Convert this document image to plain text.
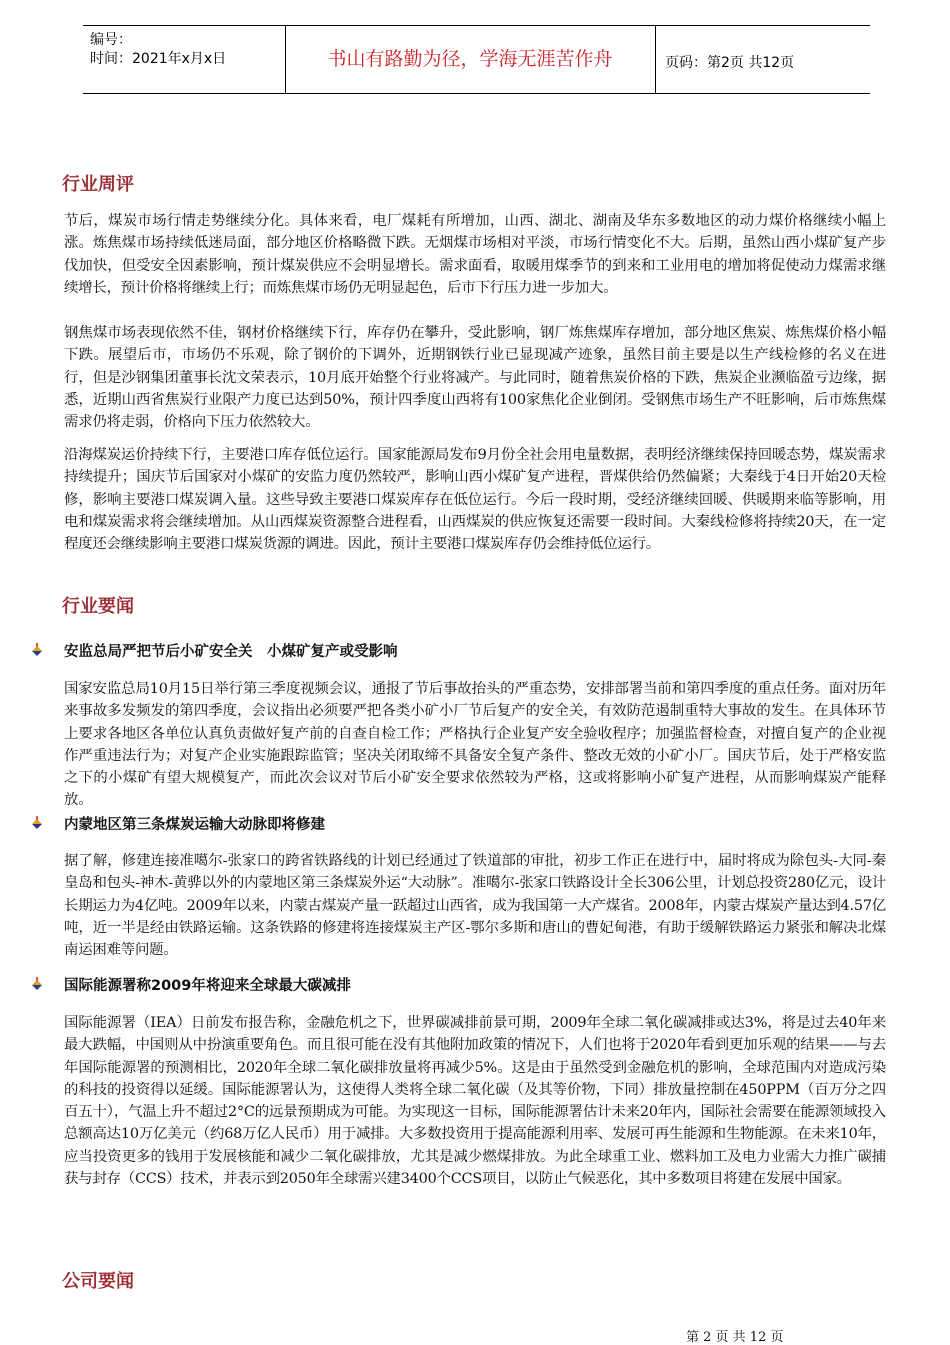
编号：
时间：2021年x月x日	书山有路勤为径，学海无涯苦作舟	页码：第2页 共12页
行业周评

节后，煤炭市场行情走势继续分化。具体来看，电厂煤耗有所增加，山西、湖北、湖南及华东多数地区的动力煤价格继续小幅上涨。炼焦煤市场持续低迷局面，部分地区价格略微下跌。无烟煤市场相对平淡，市场行情变化不大。后期，虽然山西小煤矿复产步伐加快，但受安全因素影响，预计煤炭供应不会明显增长。需求面看，取暖用煤季节的到来和工业用电的增加将促使动力煤需求继续增长，预计价格将继续上行；而炼焦煤市场仍无明显起色，后市下行压力进一步加大。

钢焦煤市场表现依然不佳，钢材价格继续下行，库存仍在攀升，受此影响，钢厂炼焦煤库存增加，部分地区焦炭、炼焦煤价格小幅下跌。展望后市，市场仍不乐观，除了钢价的下调外，近期钢铁行业已显现减产迹象，虽然目前主要是以生产线检修的名义在进行，但是沙钢集团董事长沈文荣表示，10月底开始整个行业将减产。与此同时，随着焦炭价格的下跌，焦炭企业濒临盈亏边缘，据悉，近期山西省焦炭行业限产力度已达到50%，预计四季度山西将有100家焦化企业倒闭。受钢焦市场生产不旺影响，后市炼焦煤需求仍将走弱，价格向下压力依然较大。

沿海煤炭运价持续下行，主要港口库存低位运行。国家能源局发布9月份全社会用电量数据，表明经济继续保持回暖态势，煤炭需求持续提升；国庆节后国家对小煤矿的安监力度仍然较严，影响山西小煤矿复产进程，晋煤供给仍然偏紧；大秦线于4日开始20天检修，影响主要港口煤炭调入量。这些导致主要港口煤炭库存在低位运行。今后一段时期，受经济继续回暖、供暖期来临等影响，用电和煤炭需求将会继续增加。从山西煤炭资源整合进程看，山西煤炭的供应恢复还需要一段时间。大秦线检修将持续20天，在一定程度还会继续影响主要港口煤炭货源的调进。因此，预计主要港口煤炭库存仍会维持低位运行。

行业要闻
安监总局严把节后小矿安全关　小煤矿复产或受影响

国家安监总局10月15日举行第三季度视频会议，通报了节后事故抬头的严重态势，安排部署当前和第四季度的重点任务。面对历年来事故多发频发的第四季度，会议指出必须要严把各类小矿小厂节后复产的安全关，有效防范遏制重特大事故的发生。在具体环节上要求各地区各单位认真负责做好复产前的自查自检工作；严格执行企业复产安全验收程序；加强监督检查，对擅自复产的企业视作严重违法行为；对复产企业实施跟踪监管；坚决关闭取缔不具备安全复产条件、整改无效的小矿小厂。国庆节后，处于严格安监之下的小煤矿有望大规模复产，而此次会议对节后小矿安全要求依然较为严格，这或将影响小矿复产进程，从而影响煤炭产能释放。

内蒙地区第三条煤炭运输大动脉即将修建

据了解，修建连接准噶尔-张家口的跨省铁路线的计划已经通过了铁道部的审批，初步工作正在进行中，届时将成为除包头-大同-秦皇岛和包头-神木-黄骅以外的内蒙地区第三条煤炭外运“大动脉”。准噶尔-张家口铁路设计全长306公里，计划总投资280亿元，设计长期运力为4亿吨。2009年以来，内蒙古煤炭产量一跃超过山西省，成为我国第一大产煤省。2008年，内蒙古煤炭产量达到4.57亿吨，近一半是经由铁路运输。这条铁路的修建将连接煤炭主产区-鄂尔多斯和唐山的曹妃甸港，有助于缓解铁路运力紧张和解决北煤南运困难等问题。

国际能源署称2009年将迎来全球最大碳减排

国际能源署（IEA）日前发布报告称，金融危机之下，世界碳减排前景可期，2009年全球二氧化碳减排或达3%，将是过去40年来最大跌幅，中国则从中扮演重要角色。而且很可能在没有其他附加政策的情况下，人们也将于2020年看到更加乐观的结果——与去年国际能源署的预测相比，2020年全球二氧化碳排放量将再减少5%。这是由于虽然受到金融危机的影响，全球范围内对造成污染的科技的投资得以延缓。国际能源署认为，这使得人类将全球二氧化碳（及其等价物，下同）排放量控制在450PPM（百万分之四百五十），气温上升不超过2°C的远景预期成为可能。为实现这一目标，国际能源署估计未来20年内，国际社会需要在能源领域投入总额高达10万亿美元（约68万亿人民币）用于减排。大多数投资用于提高能源利用率、发展可再生能源和生物能源。在未来10年，应当投资更多的钱用于发展核能和减少二氧化碳排放，尤其是减少燃煤排放。为此全球重工业、燃料加工及电力业需大力推广碳捕获与封存（CCS）技术，并表示到2050年全球需兴建3400个CCS项目，以防止气候恶化，其中多数项目将建在发展中国家。

公司要闻
第 2 页 共 12 页
